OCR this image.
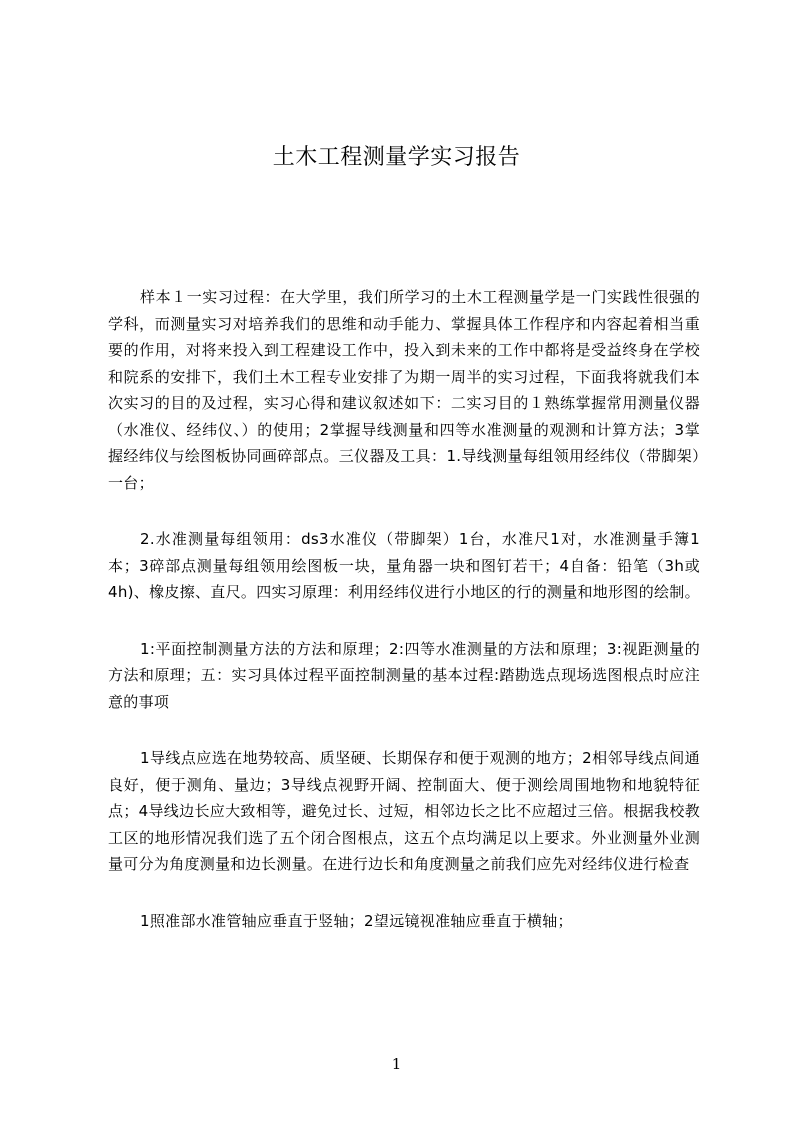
土木工程测量学实习报告

样本１一实习过程：在大学里，我们所学习的土木工程测量学是一门实践性很强的学科，而测量实习对培养我们的思维和动手能力、掌握具体工作程序和内容起着相当重要的作用，对将来投入到工程建设工作中，投入到未来的工作中都将是受益终身在学校和院系的安排下，我们土木工程专业安排了为期一周半的实习过程，下面我将就我们本次实习的目的及过程，实习心得和建议叙述如下：二实习目的１熟练掌握常用测量仪器（水准仪、经纬仪、）的使用；2掌握导线测量和四等水准测量的观测和计算方法；3掌握经纬仪与绘图板协同画碎部点。三仪器及工具：1.导线测量每组领用经纬仪（带脚架）一台；

2.水准测量每组领用：ds3水准仪（带脚架）1台，水准尺1对，水准测量手簿1本；3碎部点测量每组领用绘图板一块，量角器一块和图钉若干；4自备：铅笔（3h或4h)、橡皮擦、直尺。四实习原理：利用经纬仪进行小地区的行的测量和地形图的绘制。

1:平面控制测量方法的方法和原理；2:四等水准测量的方法和原理；3:视距测量的方法和原理；五：实习具体过程平面控制测量的基本过程:踏勘选点现场选图根点时应注意的事项

1导线点应选在地势较高、质坚硬、长期保存和便于观测的地方；2相邻导线点间通良好，便于测角、量边；3导线点视野开阔、控制面大、便于测绘周围地物和地貌特征点；4导线边长应大致相等，避免过长、过短，相邻边长之比不应超过三倍。根据我校教工区的地形情况我们选了五个闭合图根点，这五个点均满足以上要求。外业测量外业测量可分为角度测量和边长测量。在进行边长和角度测量之前我们应先对经纬仪进行检查

1照准部水准管轴应垂直于竖轴；2望远镜视准轴应垂直于横轴；

1
